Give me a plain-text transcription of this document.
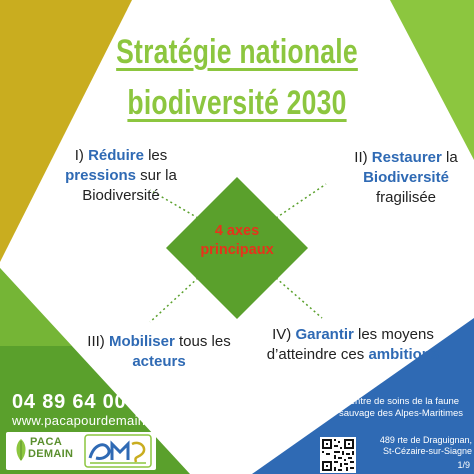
Stratégie nationale
biodiversité 2030
I) Réduire les pressions sur la Biodiversité
II) Restaurer la Biodiversité fragilisée
III) Mobiliser tous les acteurs
IV) Garantir les moyens d’atteindre ces ambitions
4 axes
principaux
04 89 64 00 25
www.pacapourdemain.com
Centre de soins de la faune sauvage des Alpes-Maritimes
489 rte de Draguignan,
St-Cézaire-sur-Siagne
1/9
PACA
DEMAIN
